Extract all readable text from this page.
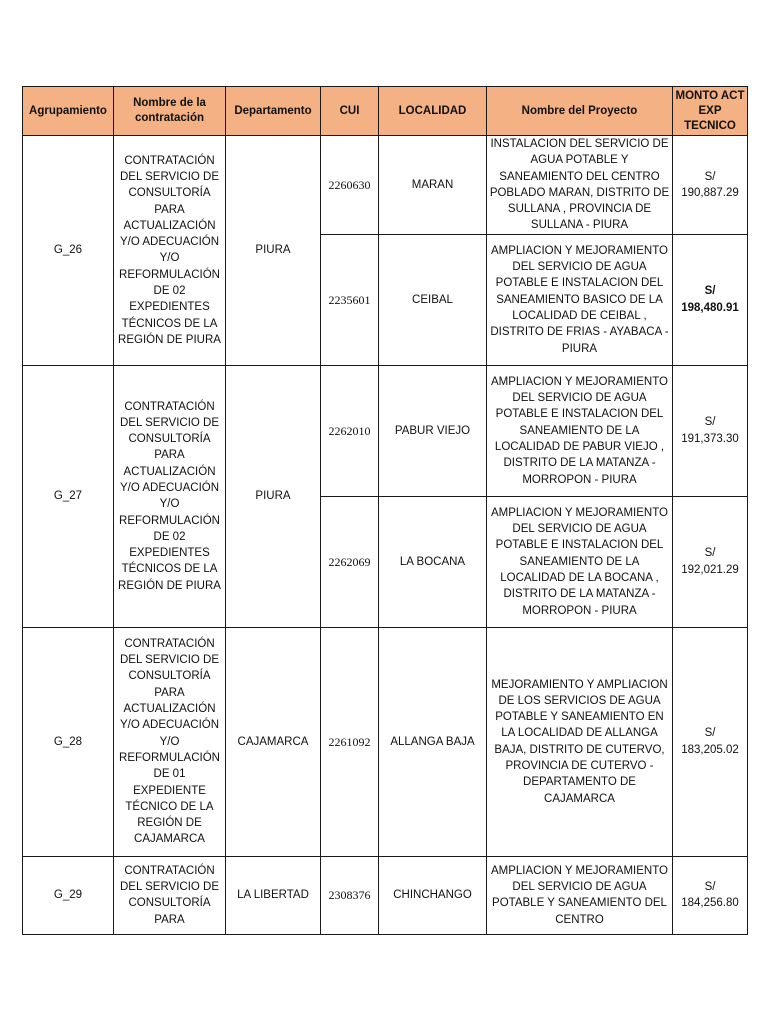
Agrupamiento	Nombre de la contratación	Departamento	CUI	LOCALIDAD	Nombre del Proyecto	MONTO ACT EXP TECNICO
G_26	CONTRATACIÓN DEL SERVICIO DE CONSULTORÍA PARA ACTUALIZACIÓN Y/O ADECUACIÓN Y/O REFORMULACIÓN DE 02 EXPEDIENTES TÉCNICOS DE LA REGIÓN DE PIURA	PIURA	2260630	MARAN	INSTALACION DEL SERVICIO DE AGUA POTABLE Y SANEAMIENTO DEL CENTRO POBLADO MARAN, DISTRITO DE SULLANA , PROVINCIA DE SULLANA - PIURA	S/ 190,887.29
			2235601	CEIBAL	AMPLIACION Y MEJORAMIENTO DEL SERVICIO DE AGUA POTABLE E INSTALACION DEL SANEAMIENTO BASICO DE LA LOCALIDAD DE CEIBAL , DISTRITO DE FRIAS - AYABACA - PIURA	S/ 198,480.91
G_27	CONTRATACIÓN DEL SERVICIO DE CONSULTORÍA PARA ACTUALIZACIÓN Y/O ADECUACIÓN Y/O REFORMULACIÓN DE 02 EXPEDIENTES TÉCNICOS DE LA REGIÓN DE PIURA	PIURA	2262010	PABUR VIEJO	AMPLIACION Y MEJORAMIENTO DEL SERVICIO DE AGUA POTABLE E INSTALACION DEL SANEAMIENTO DE LA LOCALIDAD DE PABUR VIEJO , DISTRITO DE LA MATANZA - MORROPON - PIURA	S/ 191,373.30
			2262069	LA BOCANA	AMPLIACION Y MEJORAMIENTO DEL SERVICIO DE AGUA POTABLE E INSTALACION DEL SANEAMIENTO DE LA LOCALIDAD DE LA BOCANA , DISTRITO DE LA MATANZA - MORROPON - PIURA	S/ 192,021.29
G_28	CONTRATACIÓN DEL SERVICIO DE CONSULTORÍA PARA ACTUALIZACIÓN Y/O ADECUACIÓN Y/O REFORMULACIÓN DE 01 EXPEDIENTE TÉCNICO DE LA REGIÓN DE CAJAMARCA	CAJAMARCA	2261092	ALLANGA BAJA	MEJORAMIENTO Y AMPLIACION DE LOS SERVICIOS DE AGUA POTABLE Y SANEAMIENTO EN LA LOCALIDAD DE ALLANGA BAJA, DISTRITO DE CUTERVO, PROVINCIA DE CUTERVO - DEPARTAMENTO DE CAJAMARCA	S/ 183,205.02
G_29	CONTRATACIÓN DEL SERVICIO DE CONSULTORÍA PARA	LA LIBERTAD	2308376	CHINCHANGO	AMPLIACION Y MEJORAMIENTO DEL SERVICIO DE AGUA POTABLE Y SANEAMIENTO DEL CENTRO	S/ 184,256.80
